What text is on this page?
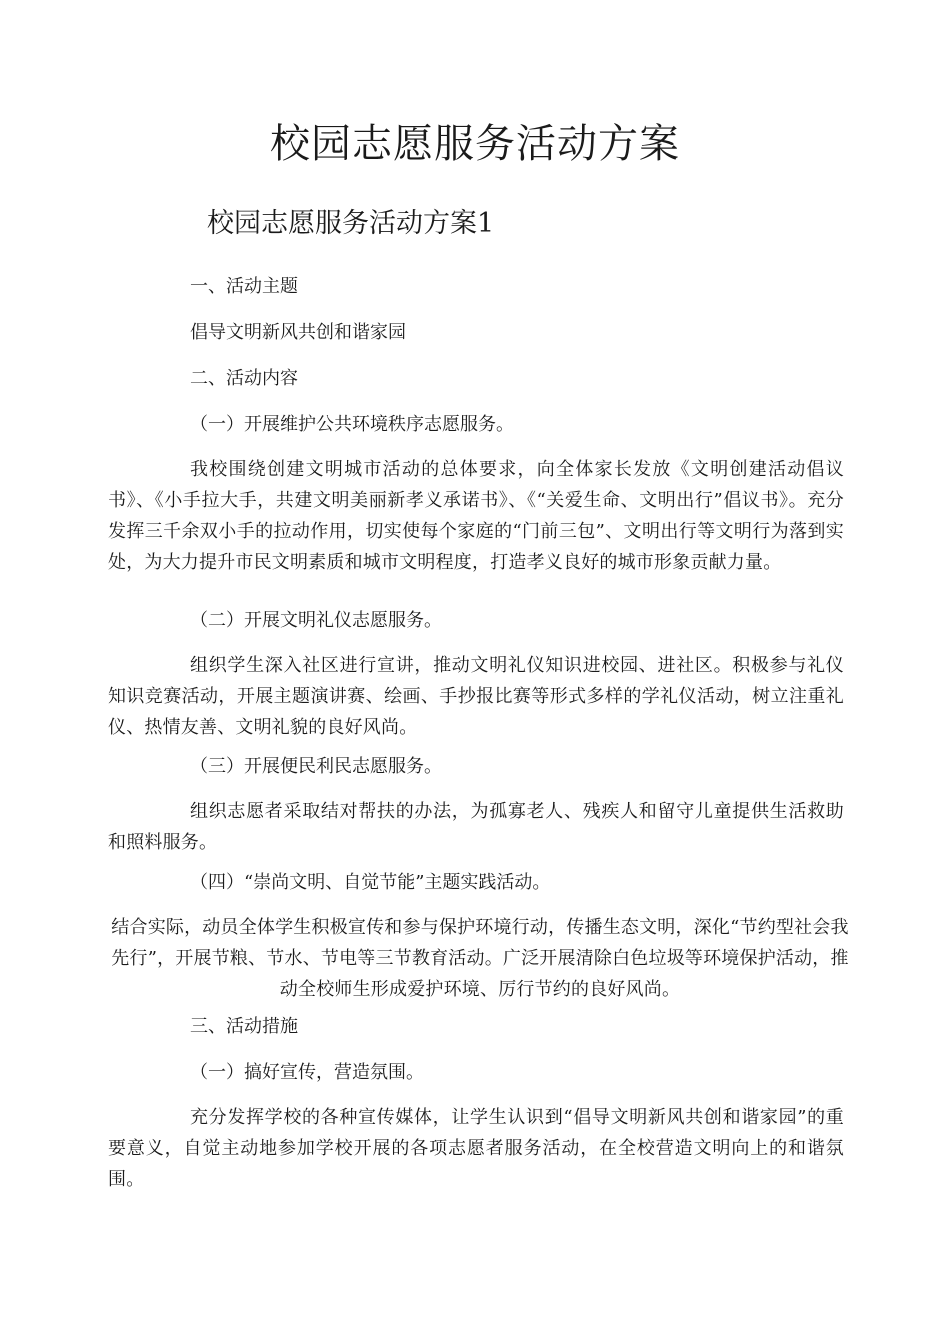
校园志愿服务活动方案
校园志愿服务活动方案1

一、活动主题

倡导文明新风共创和谐家园

二、活动内容

（一）开展维护公共环境秩序志愿服务。

我校围绕创建文明城市活动的总体要求，向全体家长发放《文明创建活动倡议书》、《小手拉大手，共建文明美丽新孝义承诺书》、《“关爱生命、文明出行”倡议书》。充分发挥三千余双小手的拉动作用，切实使每个家庭的“门前三包”、文明出行等文明行为落到实处，为大力提升市民文明素质和城市文明程度，打造孝义良好的城市形象贡献力量。

（二）开展文明礼仪志愿服务。

组织学生深入社区进行宣讲，推动文明礼仪知识进校园、进社区。积极参与礼仪知识竞赛活动，开展主题演讲赛、绘画、手抄报比赛等形式多样的学礼仪活动，树立注重礼仪、热情友善、文明礼貌的良好风尚。

（三）开展便民利民志愿服务。

组织志愿者采取结对帮扶的办法，为孤寡老人、残疾人和留守儿童提供生活救助和照料服务。

（四）“崇尚文明、自觉节能”主题实践活动。

结合实际，动员全体学生积极宣传和参与保护环境行动，传播生态文明，深化“节约型社会我先行”，开展节粮、节水、节电等三节教育活动。广泛开展清除白色垃圾等环境保护活动，推动全校师生形成爱护环境、厉行节约的良好风尚。

三、活动措施

（一）搞好宣传，营造氛围。

充分发挥学校的各种宣传媒体，让学生认识到“倡导文明新风共创和谐家园”的重要意义，自觉主动地参加学校开展的各项志愿者服务活动，在全校营造文明向上的和谐氛围。
